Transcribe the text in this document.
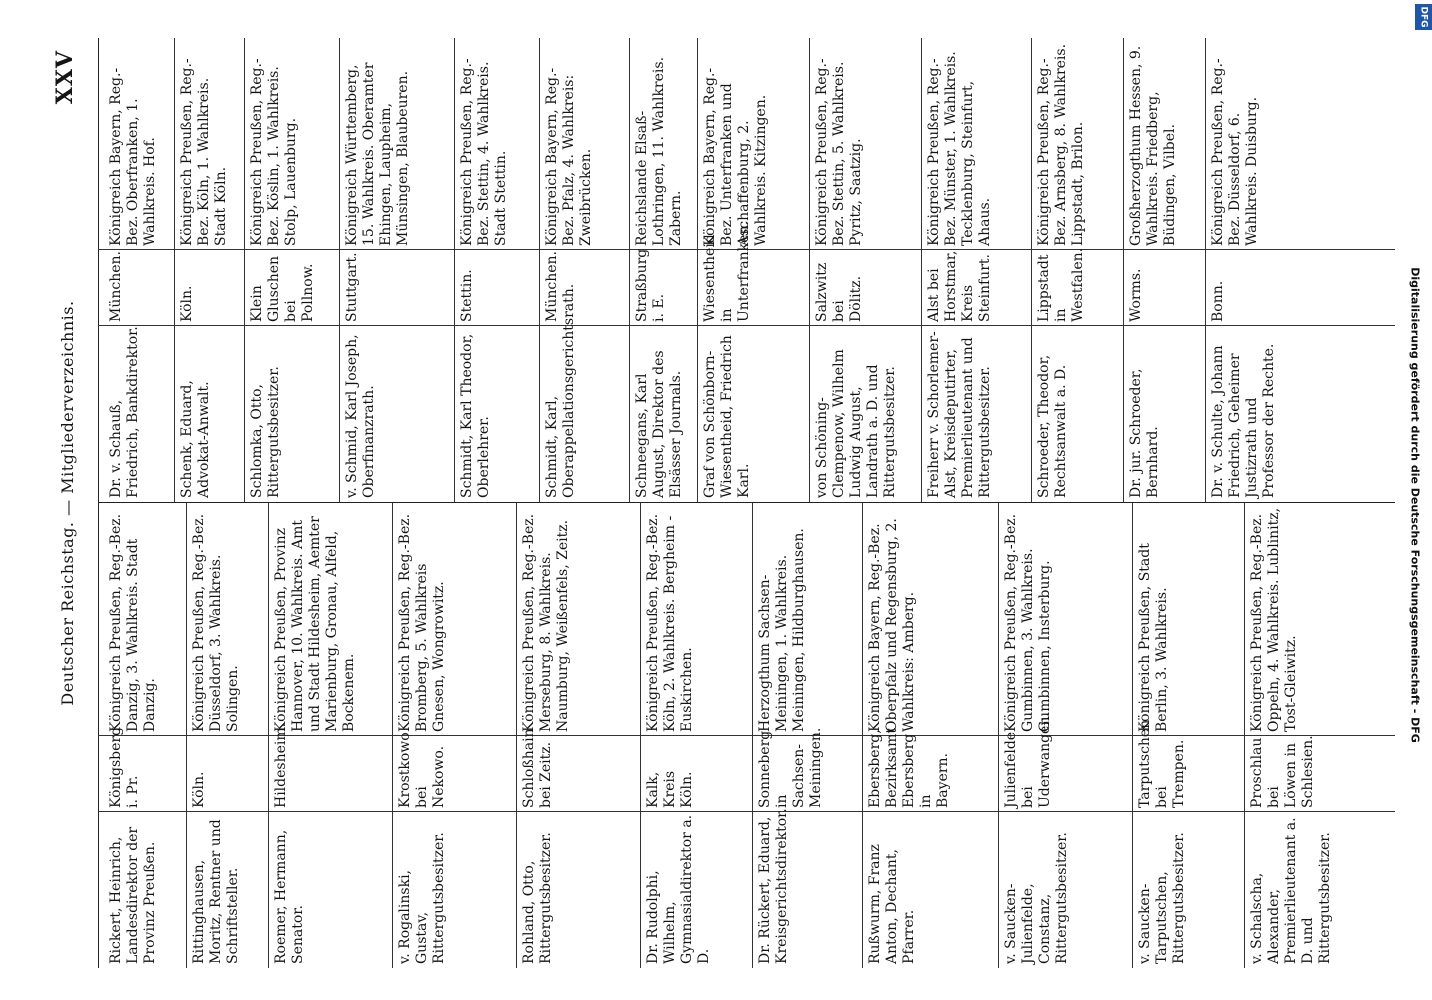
Deutscher Reichstag. — Mitgliederverzeichnis.
XXV
Rickert, Heinrich, Landesdirektor der Provinz Preußen.
Königsberg i. Pr.
Königreich Preußen, Reg.-Bez. Danzig, 3. Wahlkreis. Stadt Danzig.
Rittinghausen, Moritz, Rentner und Schriftsteller.
Köln.
Königreich Preußen, Reg.-Bez. Düsseldorf, 3. Wahlkreis. Solingen.
Roemer, Hermann, Senator.
Hildesheim.
Königreich Preußen, Provinz Hannover, 10. Wahlkreis. Amt und Stadt Hildesheim, Aemter Marienburg, Gronau, Alfeld, Bockenem.
v. Rogalinski, Gustav, Rittergutsbesitzer.
Krostkowo bei Nekowo.
Königreich Preußen, Reg.-Bez. Bromberg, 5. Wahlkreis Gnesen, Wongrowitz.
Rohland, Otto, Rittergutsbesitzer.
Schloßhain bei Zeitz.
Königreich Preußen, Reg.-Bez. Merseburg, 8. Wahlkreis. Naumburg, Weißenfels, Zeitz.
Dr. Rudolphi, Wilhelm, Gymnasialdirektor a. D.
Kalk, Kreis Köln.
Königreich Preußen, Reg.-Bez. Köln, 2. Wahlkreis. Bergheim - Euskirchen.
Dr. Rückert, Eduard, Kreisgerichtsdirektor.
Sonneberg in Sachsen-Meiningen.
Herzogthum Sachsen-Meiningen, 1. Wahlkreis. Meiningen, Hildburghausen.
Rußwurm, Franz Anton, Dechant, Pfarrer.
Ebersberg, Bezirksamt Ebersberg in Bayern.
Königreich Bayern, Reg.-Bez. Oberpfalz und Regensburg, 2. Wahlkreis: Amberg.
v. Saucken-Julienfelde, Constanz, Rittergutsbesitzer.
Julienfelde bei Uderwangen.
Königreich Preußen, Reg.-Bez. Gumbinnen, 3. Wahlkreis. Gumbinnen, Insterburg.
v. Saucken-Tarputschen, Rittergutsbesitzer.
Tarputschen bei Trempen.
Königreich Preußen, Stadt Berlin, 3. Wahlkreis.
v. Schalscha, Alexander, Premierlieutenant a. D. und Rittergutsbesitzer.
Proschlau bei Löwen in Schlesien.
Königreich Preußen, Reg.-Bez. Oppeln, 4. Wahlkreis. Lublinitz, Tost-Gleiwitz.
Dr. v. Schauß, Friedrich, Bankdirektor.
München.
Königreich Bayern, Reg.-Bez. Oberfranken, 1. Wahlkreis. Hof.
Schenk, Eduard, Advokat-Anwalt.
Köln.
Königreich Preußen, Reg.-Bez. Köln, 1. Wahlkreis. Stadt Köln.
Schlomka, Otto, Rittergutsbesitzer.
Klein Gluschen bei Pollnow.
Königreich Preußen, Reg.-Bez. Köslin, 1. Wahlkreis. Stolp, Lauenburg.
v. Schmid, Karl Joseph, Oberfinanzrath.
Stuttgart.
Königreich Württemberg, 15. Wahlkreis. Oberamter Ehingen, Laupheim, Münsingen, Blaubeuren.
Schmidt, Karl Theodor, Oberlehrer.
Stettin.
Königreich Preußen, Reg.-Bez. Stettin, 4. Wahlkreis. Stadt Stettin.
Schmidt, Karl, Oberappellationsgerichtsrath.
München.
Königreich Bayern, Reg.-Bez. Pfalz, 4. Wahlkreis: Zweibrücken.
Schneegans, Karl August, Direktor des Elsässer Journals.
Straßburg i. E.
Reichslande Elsaß-Lothringen, 11. Wahlkreis. Zabern.
Graf von Schönborn-Wiesentheid, Friedrich Karl.
Wiesentheid in Unterfranken.
Königreich Bayern, Reg.-Bez. Unterfranken und Aschaffenburg, 2. Wahlkreis. Kitzingen.
von Schöning-Clempenow, Wilhelm Ludwig August, Landrath a. D. und Rittergutsbesitzer.
Salzwitz bei Dölitz.
Königreich Preußen, Reg.-Bez. Stettin, 5. Wahlkreis. Pyritz, Saatzig.
Freiherr v. Schorlemer-Alst, Kreisdeputirter, Premierlieutenant und Rittergutsbesitzer.
Alst bei Horstmar, Kreis Steinfurt.
Königreich Preußen, Reg.-Bez. Münster, 1. Wahlkreis. Tecklenburg, Steinfurt, Ahaus.
Schroeder, Theodor, Rechtsanwalt a. D.
Lippstadt in Westfalen.
Königreich Preußen, Reg.-Bez. Arnsberg, 8. Wahlkreis. Lippstadt, Brilon.
Dr. jur. Schroeder, Bernhard.
Worms.
Großherzogthum Hessen, 9. Wahlkreis. Friedberg, Büdingen, Vilbel.
Dr. v. Schulte, Johann Friedrich, Geheimer Justizrath und Professor der Rechte.
Bonn.
Königreich Preußen, Reg.-Bez. Düsseldorf, 6. Wahlkreis. Duisburg.
Digitalisierung gefördert durch die Deutsche Forschungsgemeinschaft - DFG
DFG
